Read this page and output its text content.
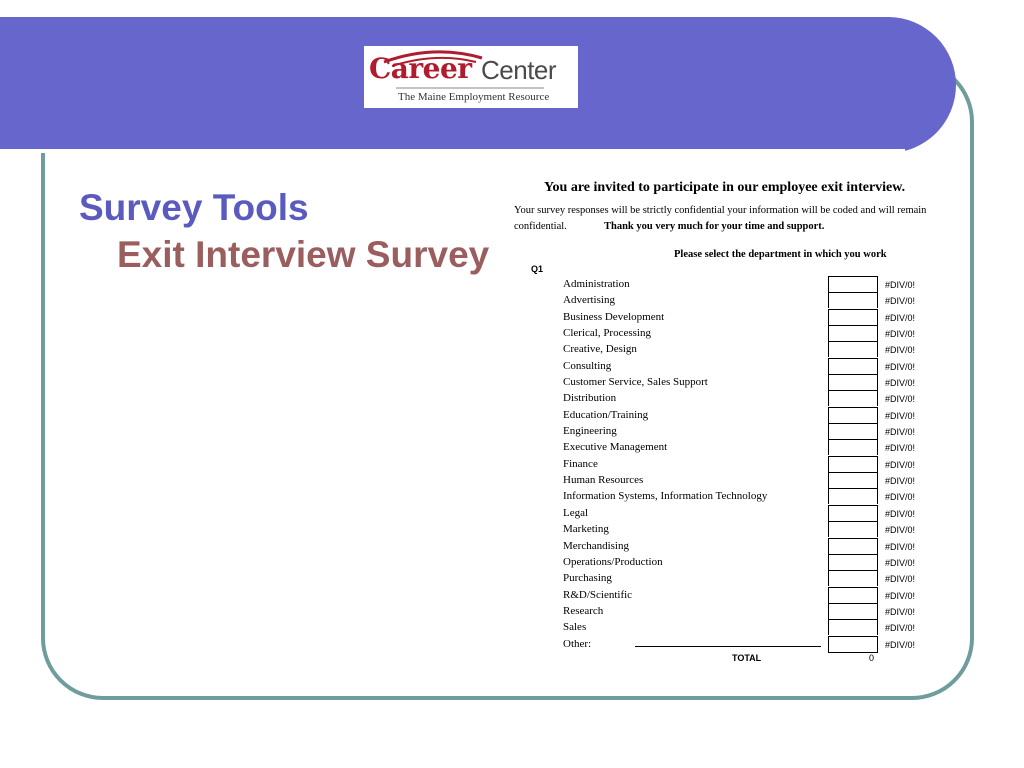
Career Center
The Maine Employment Resource
Survey Tools
Exit Interview Survey
You are invited to participate in our employee exit interview.
Your survey responses will be strictly confidential your information will be coded and will remain
confidential.	Thank you very much for your time and support.
Please select the department in which you work
Q1
Administration	#DIV/0!
Advertising	#DIV/0!
Business Development	#DIV/0!
Clerical, Processing	#DIV/0!
Creative, Design	#DIV/0!
Consulting	#DIV/0!
Customer Service, Sales Support	#DIV/0!
Distribution	#DIV/0!
Education/Training	#DIV/0!
Engineering	#DIV/0!
Executive Management	#DIV/0!
Finance	#DIV/0!
Human Resources	#DIV/0!
Information Systems, Information Technology	#DIV/0!
Legal	#DIV/0!
Marketing	#DIV/0!
Merchandising	#DIV/0!
Operations/Production	#DIV/0!
Purchasing	#DIV/0!
R&D/Scientific	#DIV/0!
Research	#DIV/0!
Sales	#DIV/0!
Other:	#DIV/0!
TOTAL	0
